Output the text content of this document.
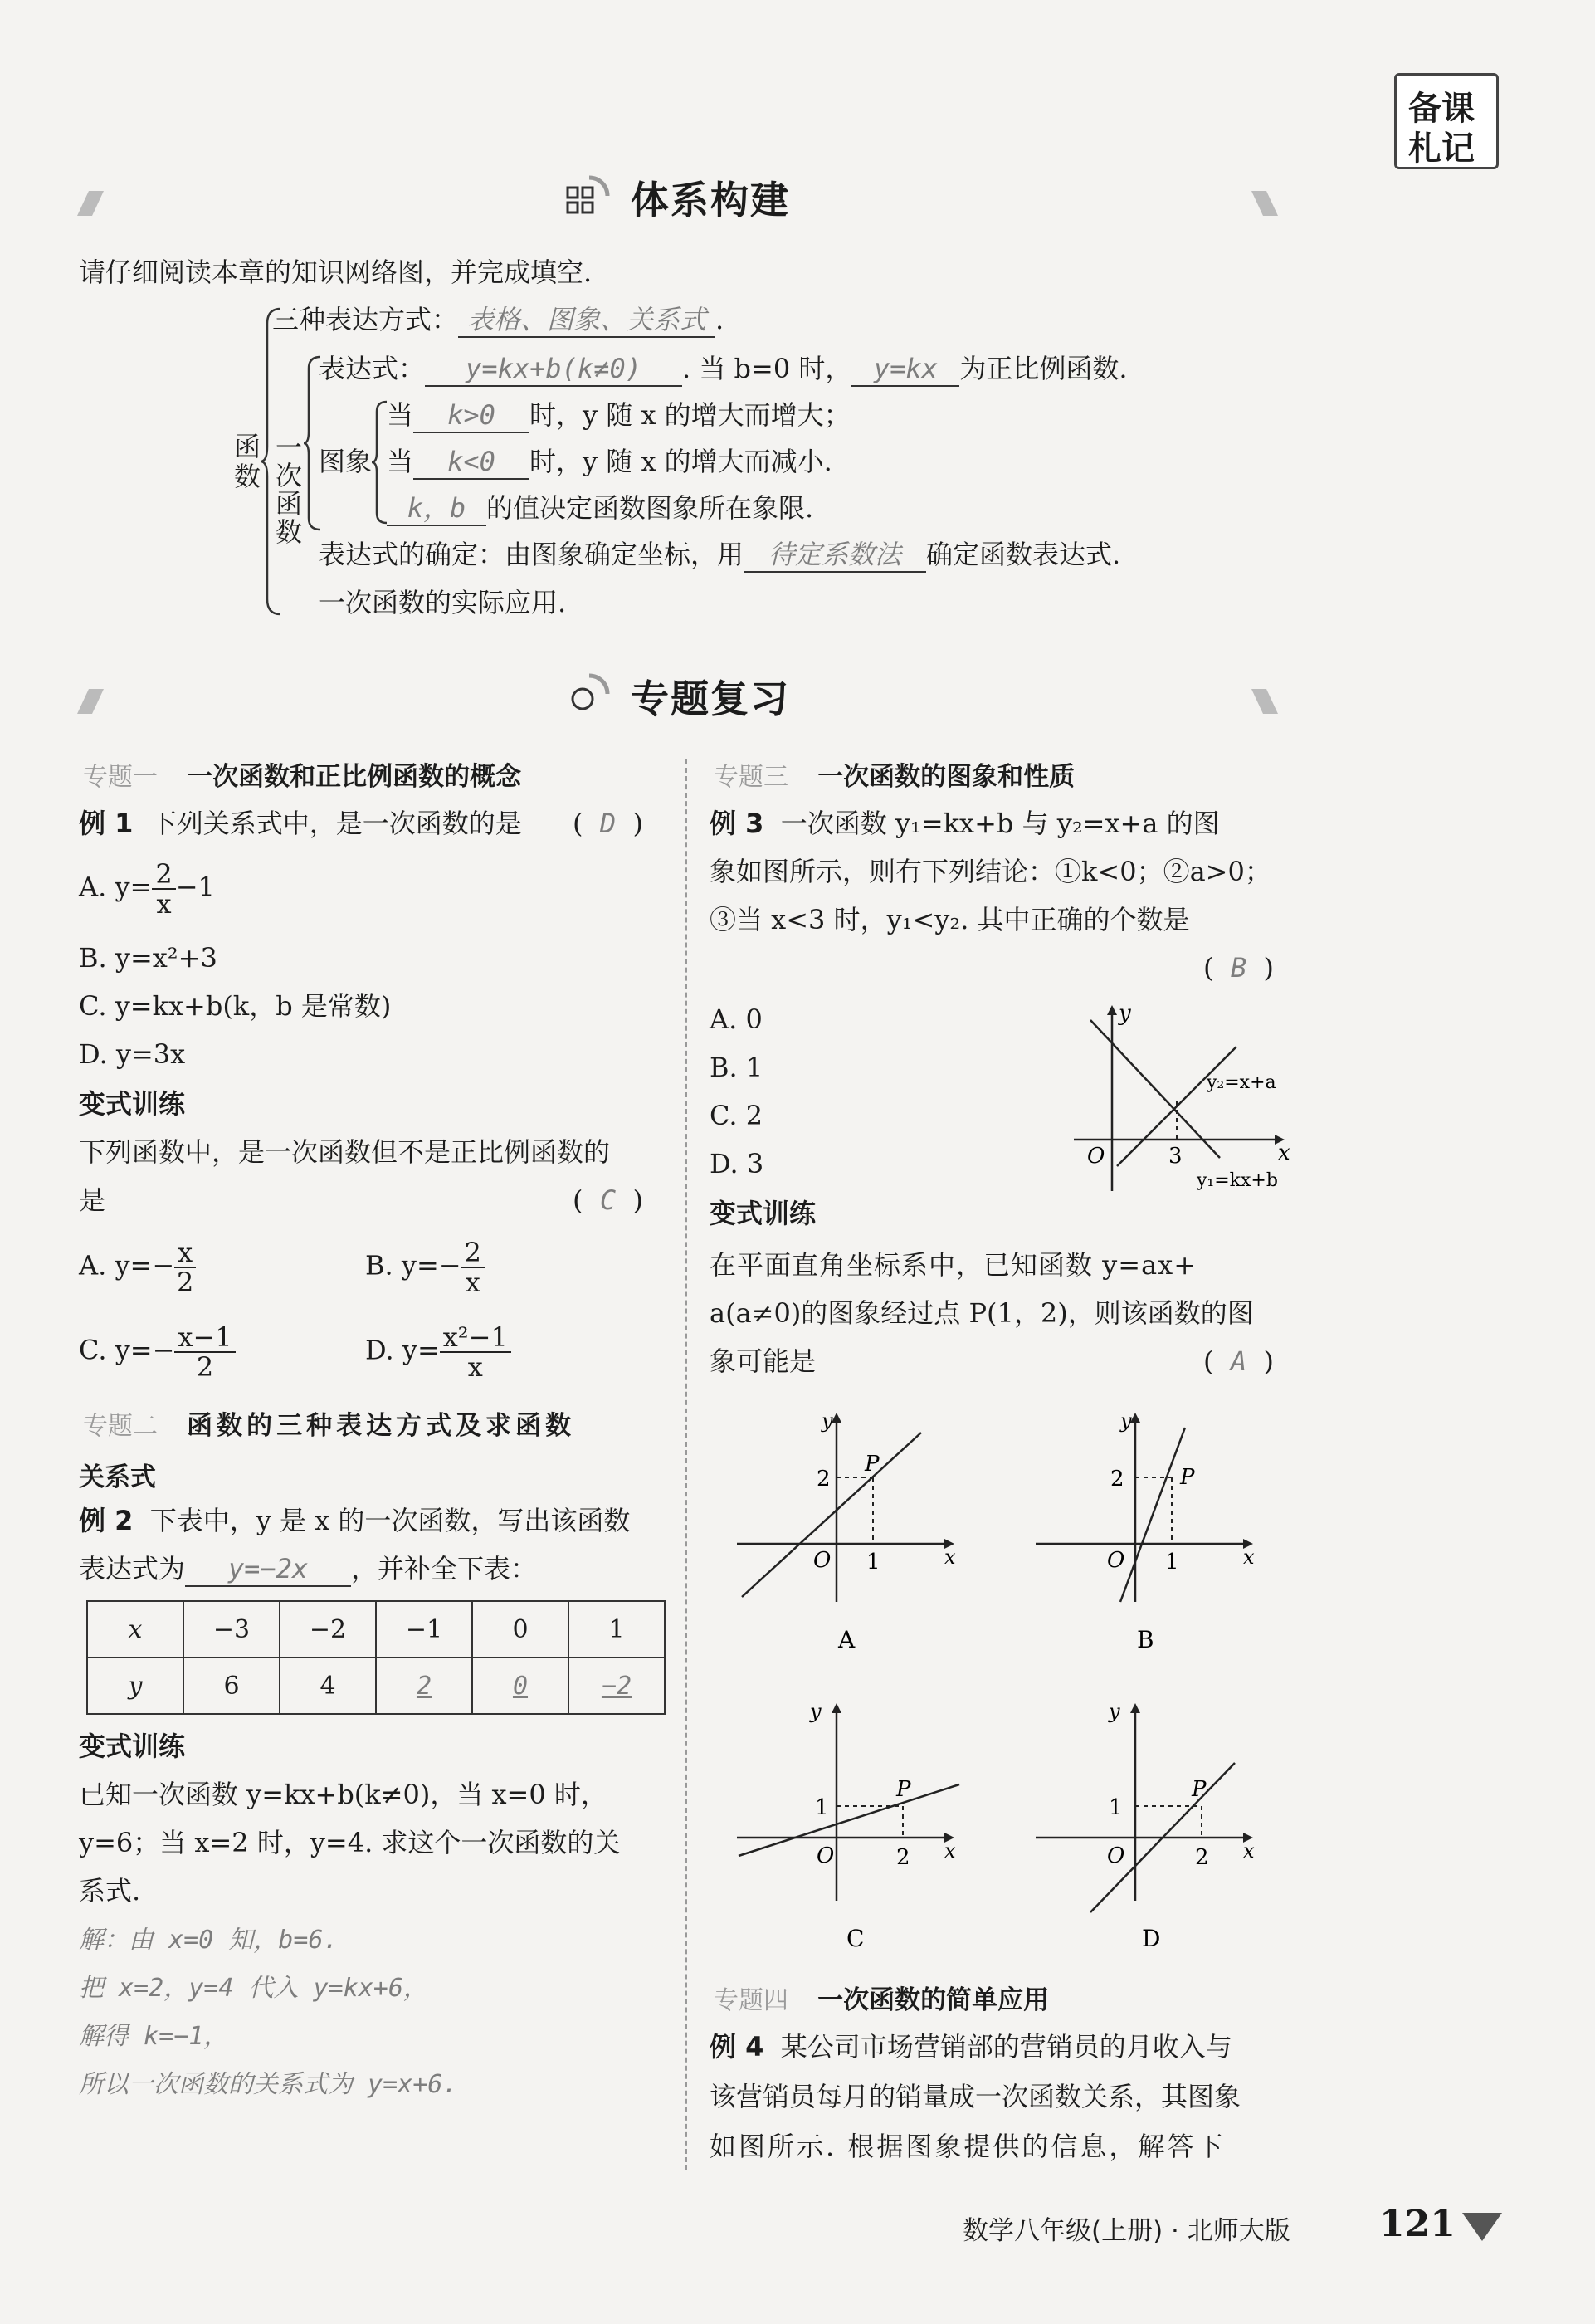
备课
札记
体系构建
请仔细阅读本章的知识网络图，并完成填空.
函数
一次函数
三种表达方式： 表格、图象、关系式 .
表达式： y=kx+b(k≠0) . 当 b=0 时， y=kx 为正比例函数.
图象
当 k>0 时，y 随 x 的增大而增大；
当 k<0 时，y 随 x 的增大而减小.
k，b 的值决定函数图象所在象限.
表达式的确定：由图象确定坐标，用 待定系数法 确定函数表达式.
一次函数的实际应用.
专题复习
专题一 一次函数和正比例函数的概念
例 1 下列关系式中，是一次函数的是 (  D  )
A. $y= \frac{2}{x} -1$
B. y=x²+3
C. y=kx+b(k，b 是常数)
D. y=3x
变式训练
下列函数中，是一次函数但不是正比例函数的
是	(  C  )
A. $y=- \frac{x}{2}$	B. $y=- \frac{2}{x}$
C. $y=- \frac{x-1}{2}$	D. $y= \frac{\text{x²−1}}{x}$
专题二 函数的三种表达方式及求函数
关系式
例 2 下表中，y 是 x 的一次函数，写出该函数
表达式为 y=−2x ，并补全下表：
x	−3	−2	−1	0	1
y	6	4	2	0	−2
变式训练
已知一次函数 y=kx+b(k≠0)，当 x=0 时，
y=6；当 x=2 时，y=4. 求这个一次函数的关
系式.
解：由 x=0 知，b=6.
把 x=2，y=4 代入 y=kx+6，
解得 k=−1，
所以一次函数的关系式为 y=x+6.
专题三 一次函数的图象和性质
例 3 一次函数 y₁=kx+b 与 y₂=x+a 的图
象如图所示，则有下列结论：①k<0；②a>0；
③当 x<3 时，y₁<y₂. 其中正确的个数是
(  B  )
A. 0
B. 1
C. 2
D. 3
y
x
O	3
y₂=x+a
y₁=kx+b
变式训练
在平面直角坐标系中，已知函数 y=ax+
a(a≠0)的图象经过点 P(1，2)，则该函数的图
象可能是	(  A  )
y
x
O
2
1
P
A
y
x
O
2
1
P
B
y
x
O
1
2
P
C
y
x
O
1
2
P
D
专题四 一次函数的简单应用
例 4 某公司市场营销部的营销员的月收入与
该营销员每月的销量成一次函数关系，其图象
如图所示. 根据图象提供的信息，解答下
数学八年级(上册) · 北师大版 121
